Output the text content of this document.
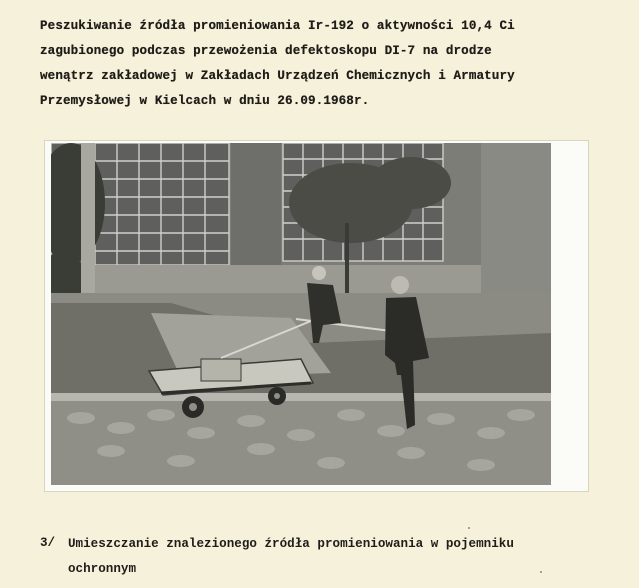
Peszukiwanie źródła promieniowania Ir-192 o aktywności 10,4 Ci
zagubionego podczas przewożenia defektoskopu DI-7 na drodze
wenątrz zakładowej w Zakładach Urządzeń Chemicznych i Armatury
Przemysłowej w Kielcach w dniu 26.09.1968r.
3/ Umieszczanie znalezionego źródła promieniowania w pojemniku
ochronnym
